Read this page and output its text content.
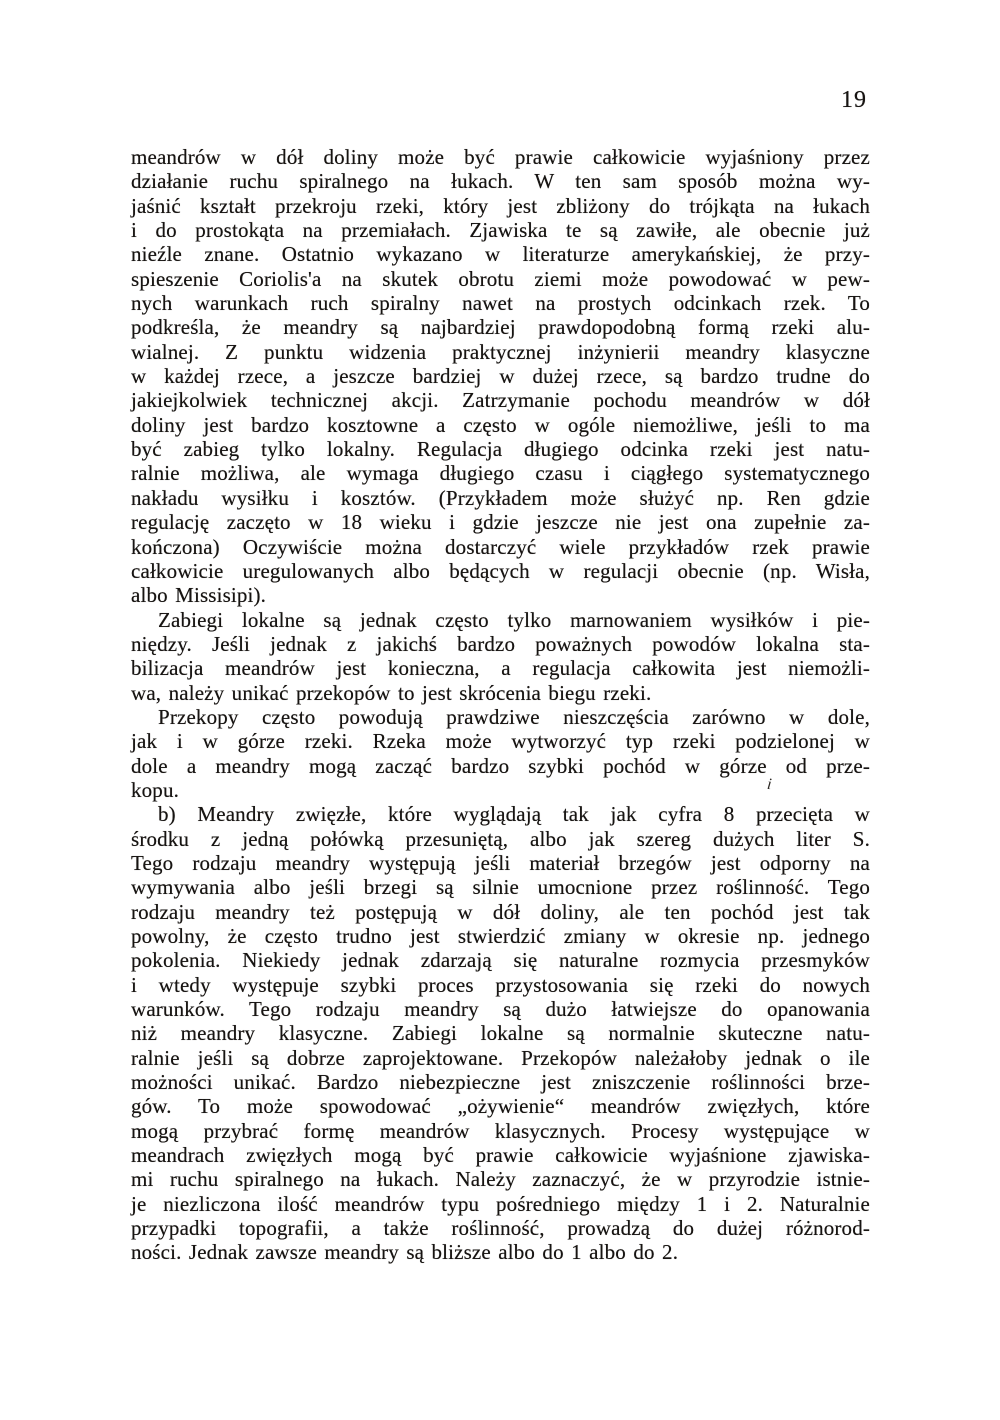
19
meandrów w dół doliny może być prawie całkowicie wyjaśniony przez
działanie ruchu spiralnego na łukach. W ten sam sposób można wy-
jaśnić kształt przekroju rzeki, który jest zbliżony do trójkąta na łukach
i do prostokąta na przemiałach. Zjawiska te są zawiłe, ale obecnie już
nieźle znane. Ostatnio wykazano w literaturze amerykańskiej, że przy-
spieszenie Coriolis'a na skutek obrotu ziemi może powodować w pew-
nych warunkach ruch spiralny nawet na prostych odcinkach rzek. To
podkreśla, że meandry są najbardziej prawdopodobną formą rzeki alu-
wialnej. Z punktu widzenia praktycznej inżynierii meandry klasyczne
w każdej rzece, a jeszcze bardziej w dużej rzece, są bardzo trudne do
jakiejkolwiek technicznej akcji. Zatrzymanie pochodu meandrów w dół
doliny jest bardzo kosztowne a często w ogóle niemożliwe, jeśli to ma
być zabieg tylko lokalny. Regulacja długiego odcinka rzeki jest natu-
ralnie możliwa, ale wymaga długiego czasu i ciągłego systematycznego
nakładu wysiłku i kosztów. (Przykładem może służyć np. Ren gdzie
regulację zaczęto w 18 wieku i gdzie jeszcze nie jest ona zupełnie za-
kończona) Oczywiście można dostarczyć wiele przykładów rzek prawie
całkowicie uregulowanych albo będących w regulacji obecnie (np. Wisła,
albo Missisipi).
Zabiegi lokalne są jednak często tylko marnowaniem wysiłków i pie-
niędzy. Jeśli jednak z jakichś bardzo poważnych powodów lokalna sta-
bilizacja meandrów jest konieczna, a regulacja całkowita jest niemożli-
wa, należy unikać przekopów to jest skrócenia biegu rzeki.
Przekopy często powodują prawdziwe nieszczęścia zarówno w dole,
jak i w górze rzeki. Rzeka może wytworzyć typ rzeki podzielonej w
dole a meandry mogą zacząć bardzo szybki pochód w górze od prze-
kopu.
b) Meandry zwięzłe, które wyglądają tak jak cyfra 8 przecięta w
środku z jedną połówką przesuniętą, albo jak szereg dużych liter S.
Tego rodzaju meandry występują jeśli materiał brzegów jest odporny na
wymywania albo jeśli brzegi są silnie umocnione przez roślinność. Tego
rodzaju meandry też postępują w dół doliny, ale ten pochód jest tak
powolny, że często trudno jest stwierdzić zmiany w okresie np. jednego
pokolenia. Niekiedy jednak zdarzają się naturalne rozmycia przesmyków
i wtedy występuje szybki proces przystosowania się rzeki do nowych
warunków. Tego rodzaju meandry są dużo łatwiejsze do opanowania
niż meandry klasyczne. Zabiegi lokalne są normalnie skuteczne natu-
ralnie jeśli są dobrze zaprojektowane. Przekopów należałoby jednak o ile
możności unikać. Bardzo niebezpieczne jest zniszczenie roślinności brze-
gów. To może spowodować „ożywienie“ meandrów zwięzłych, które
mogą przybrać formę meandrów klasycznych. Procesy występujące w
meandrach zwięzłych mogą być prawie całkowicie wyjaśnione zjawiska-
mi ruchu spiralnego na łukach. Należy zaznaczyć, że w przyrodzie istnie-
je niezliczona ilość meandrów typu pośredniego między 1 i 2. Naturalnie
przypadki topografii, a także roślinność, prowadzą do dużej różnorod-
ności. Jednak zawsze meandry są bliższe albo do 1 albo do 2.
i
